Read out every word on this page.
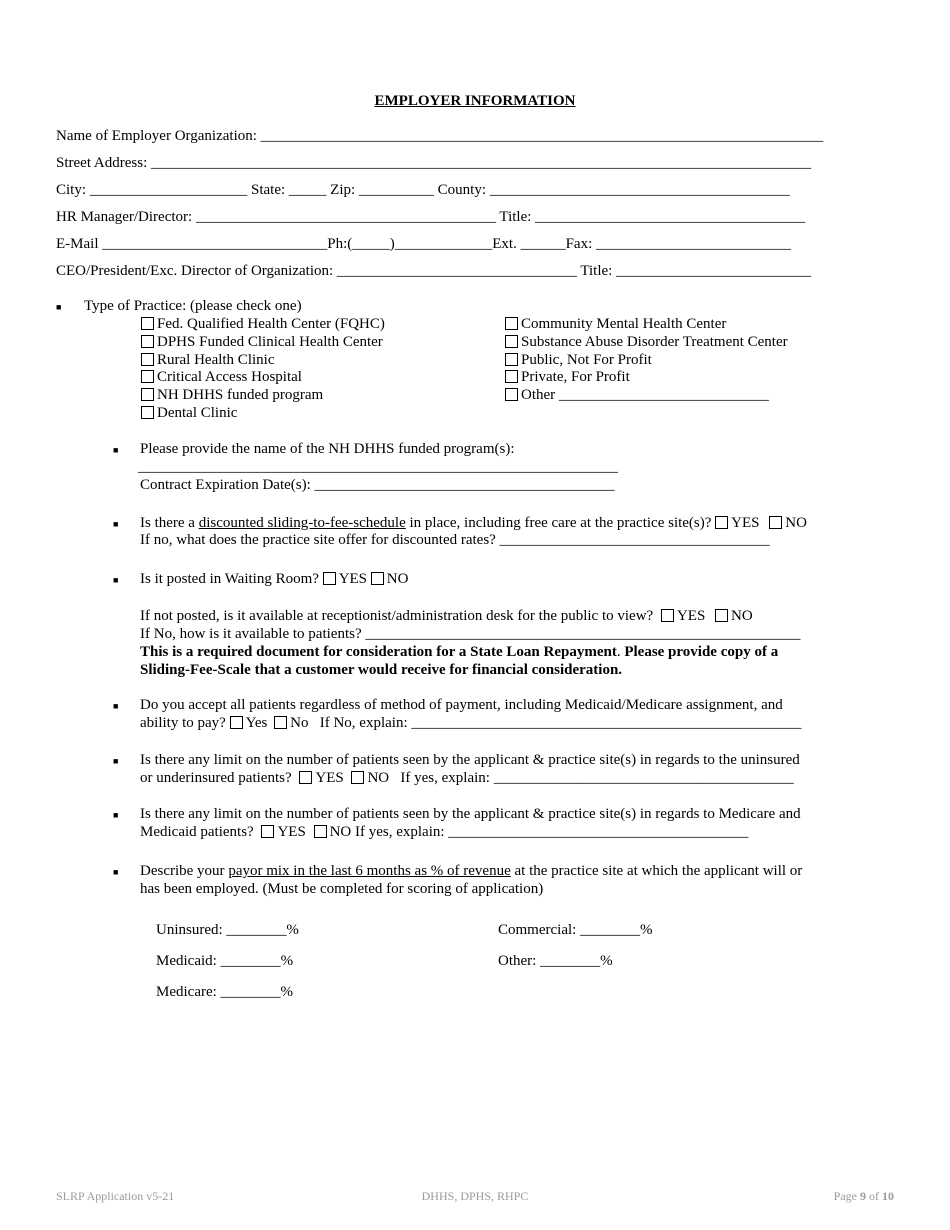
EMPLOYER INFORMATION
Name of Employer Organization: ___________________________________________________________________________
Street Address: ________________________________________________________________________________________
City: _____________________ State: _____ Zip: __________ County: ________________________________________
HR Manager/Director: ________________________________________ Title: ____________________________________
E-Mail ______________________________Ph:(_____)_____________Ext. ______Fax: __________________________
CEO/President/Exc. Director of Organization: ________________________________ Title: __________________________
■ Type of Practice: (please check one)
Fed. Qualified Health Center (FQHC)
DPHS Funded Clinical Health Center
Rural Health Clinic
Critical Access Hospital
NH DHHS funded program
Dental Clinic
Community Mental Health Center
Substance Abuse Disorder Treatment Center
Public, Not For Profit
Private, For Profit
Other ____________________________
■ Please provide the name of the NH DHHS funded program(s):
________________________________________________________________
Contract Expiration Date(s): ________________________________________
■ Is there a discounted sliding-to-fee-schedule in place, including free care at the practice site(s)? YES NO
If no, what does the practice site offer for discounted rates? ____________________________________
■ Is it posted in Waiting Room? YES NO
If not posted, is it available at receptionist/administration desk for the public to view? YES NO
If No, how is it available to patients? __________________________________________________________
This is a required document for consideration for a State Loan Repayment. Please provide copy of a
Sliding-Fee-Scale that a customer would receive for financial consideration.
■ Do you accept all patients regardless of method of payment, including Medicaid/Medicare assignment, and
ability to pay? Yes No If No, explain: ____________________________________________________
■ Is there any limit on the number of patients seen by the applicant & practice site(s) in regards to the uninsured
or underinsured patients? YES NO If yes, explain: ________________________________________
■ Is there any limit on the number of patients seen by the applicant & practice site(s) in regards to Medicare and
Medicaid patients? YES NO If yes, explain: ________________________________________
■ Describe your payor mix in the last 6 months as % of revenue at the practice site at which the applicant will or
has been employed. (Must be completed for scoring of application)
Uninsured: ________%
Medicaid: ________%
Medicare: ________%
Commercial: ________%
Other: ________%
SLRP Application v5-21	DHHS, DPHS, RHPC	Page 9 of 10
